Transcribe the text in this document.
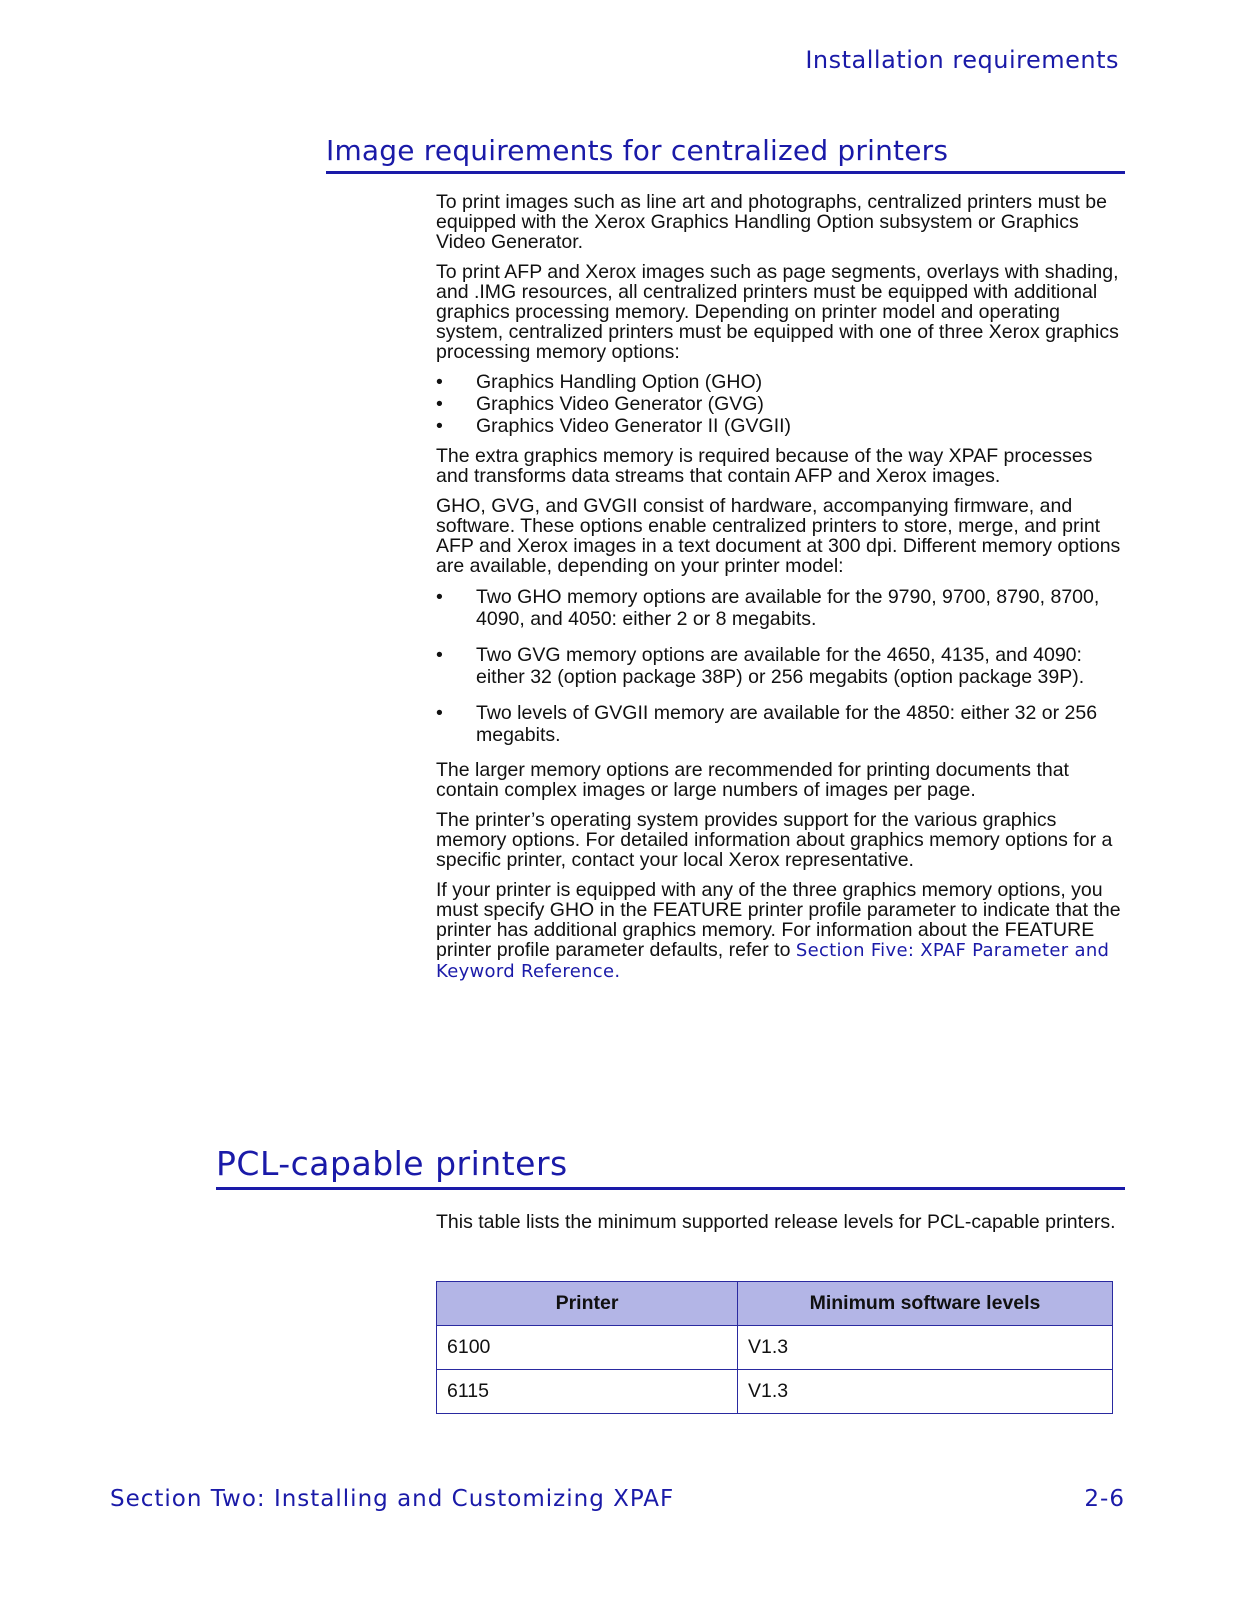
Installation requirements
Image requirements for centralized printers

To print images such as line art and photographs, centralized printers must be equipped with the Xerox Graphics Handling Option subsystem or Graphics Video Generator.

To print AFP and Xerox images such as page segments, overlays with shading, and .IMG resources, all centralized printers must be equipped with additional graphics processing memory. Depending on printer model and operating system, centralized printers must be equipped with one of three Xerox graphics processing memory options:

• Graphics Handling Option (GHO)
• Graphics Video Generator (GVG)
• Graphics Video Generator II (GVGII)

The extra graphics memory is required because of the way XPAF processes and transforms data streams that contain AFP and Xerox images.

GHO, GVG, and GVGII consist of hardware, accompanying firmware, and software. These options enable centralized printers to store, merge, and print AFP and Xerox images in a text document at 300 dpi. Different memory options are available, depending on your printer model:

• Two GHO memory options are available for the 9790, 9700, 8790, 8700, 4090, and 4050: either 2 or 8 megabits.
• Two GVG memory options are available for the 4650, 4135, and 4090: either 32 (option package 38P) or 256 megabits (option package 39P).
• Two levels of GVGII memory are available for the 4850: either 32 or 256 megabits.

The larger memory options are recommended for printing documents that contain complex images or large numbers of images per page.

The printer’s operating system provides support for the various graphics memory options. For detailed information about graphics memory options for a specific printer, contact your local Xerox representative.

If your printer is equipped with any of the three graphics memory options, you must specify GHO in the FEATURE printer profile parameter to indicate that the printer has additional graphics memory. For information about the FEATURE printer profile parameter defaults, refer to Section Five: XPAF Parameter and Keyword Reference.

PCL-capable printers

This table lists the minimum supported release levels for PCL-capable printers.

Printer	Minimum software levels
6100	V1.3
6115	V1.3
Section Two: Installing and Customizing XPAF	2-6
